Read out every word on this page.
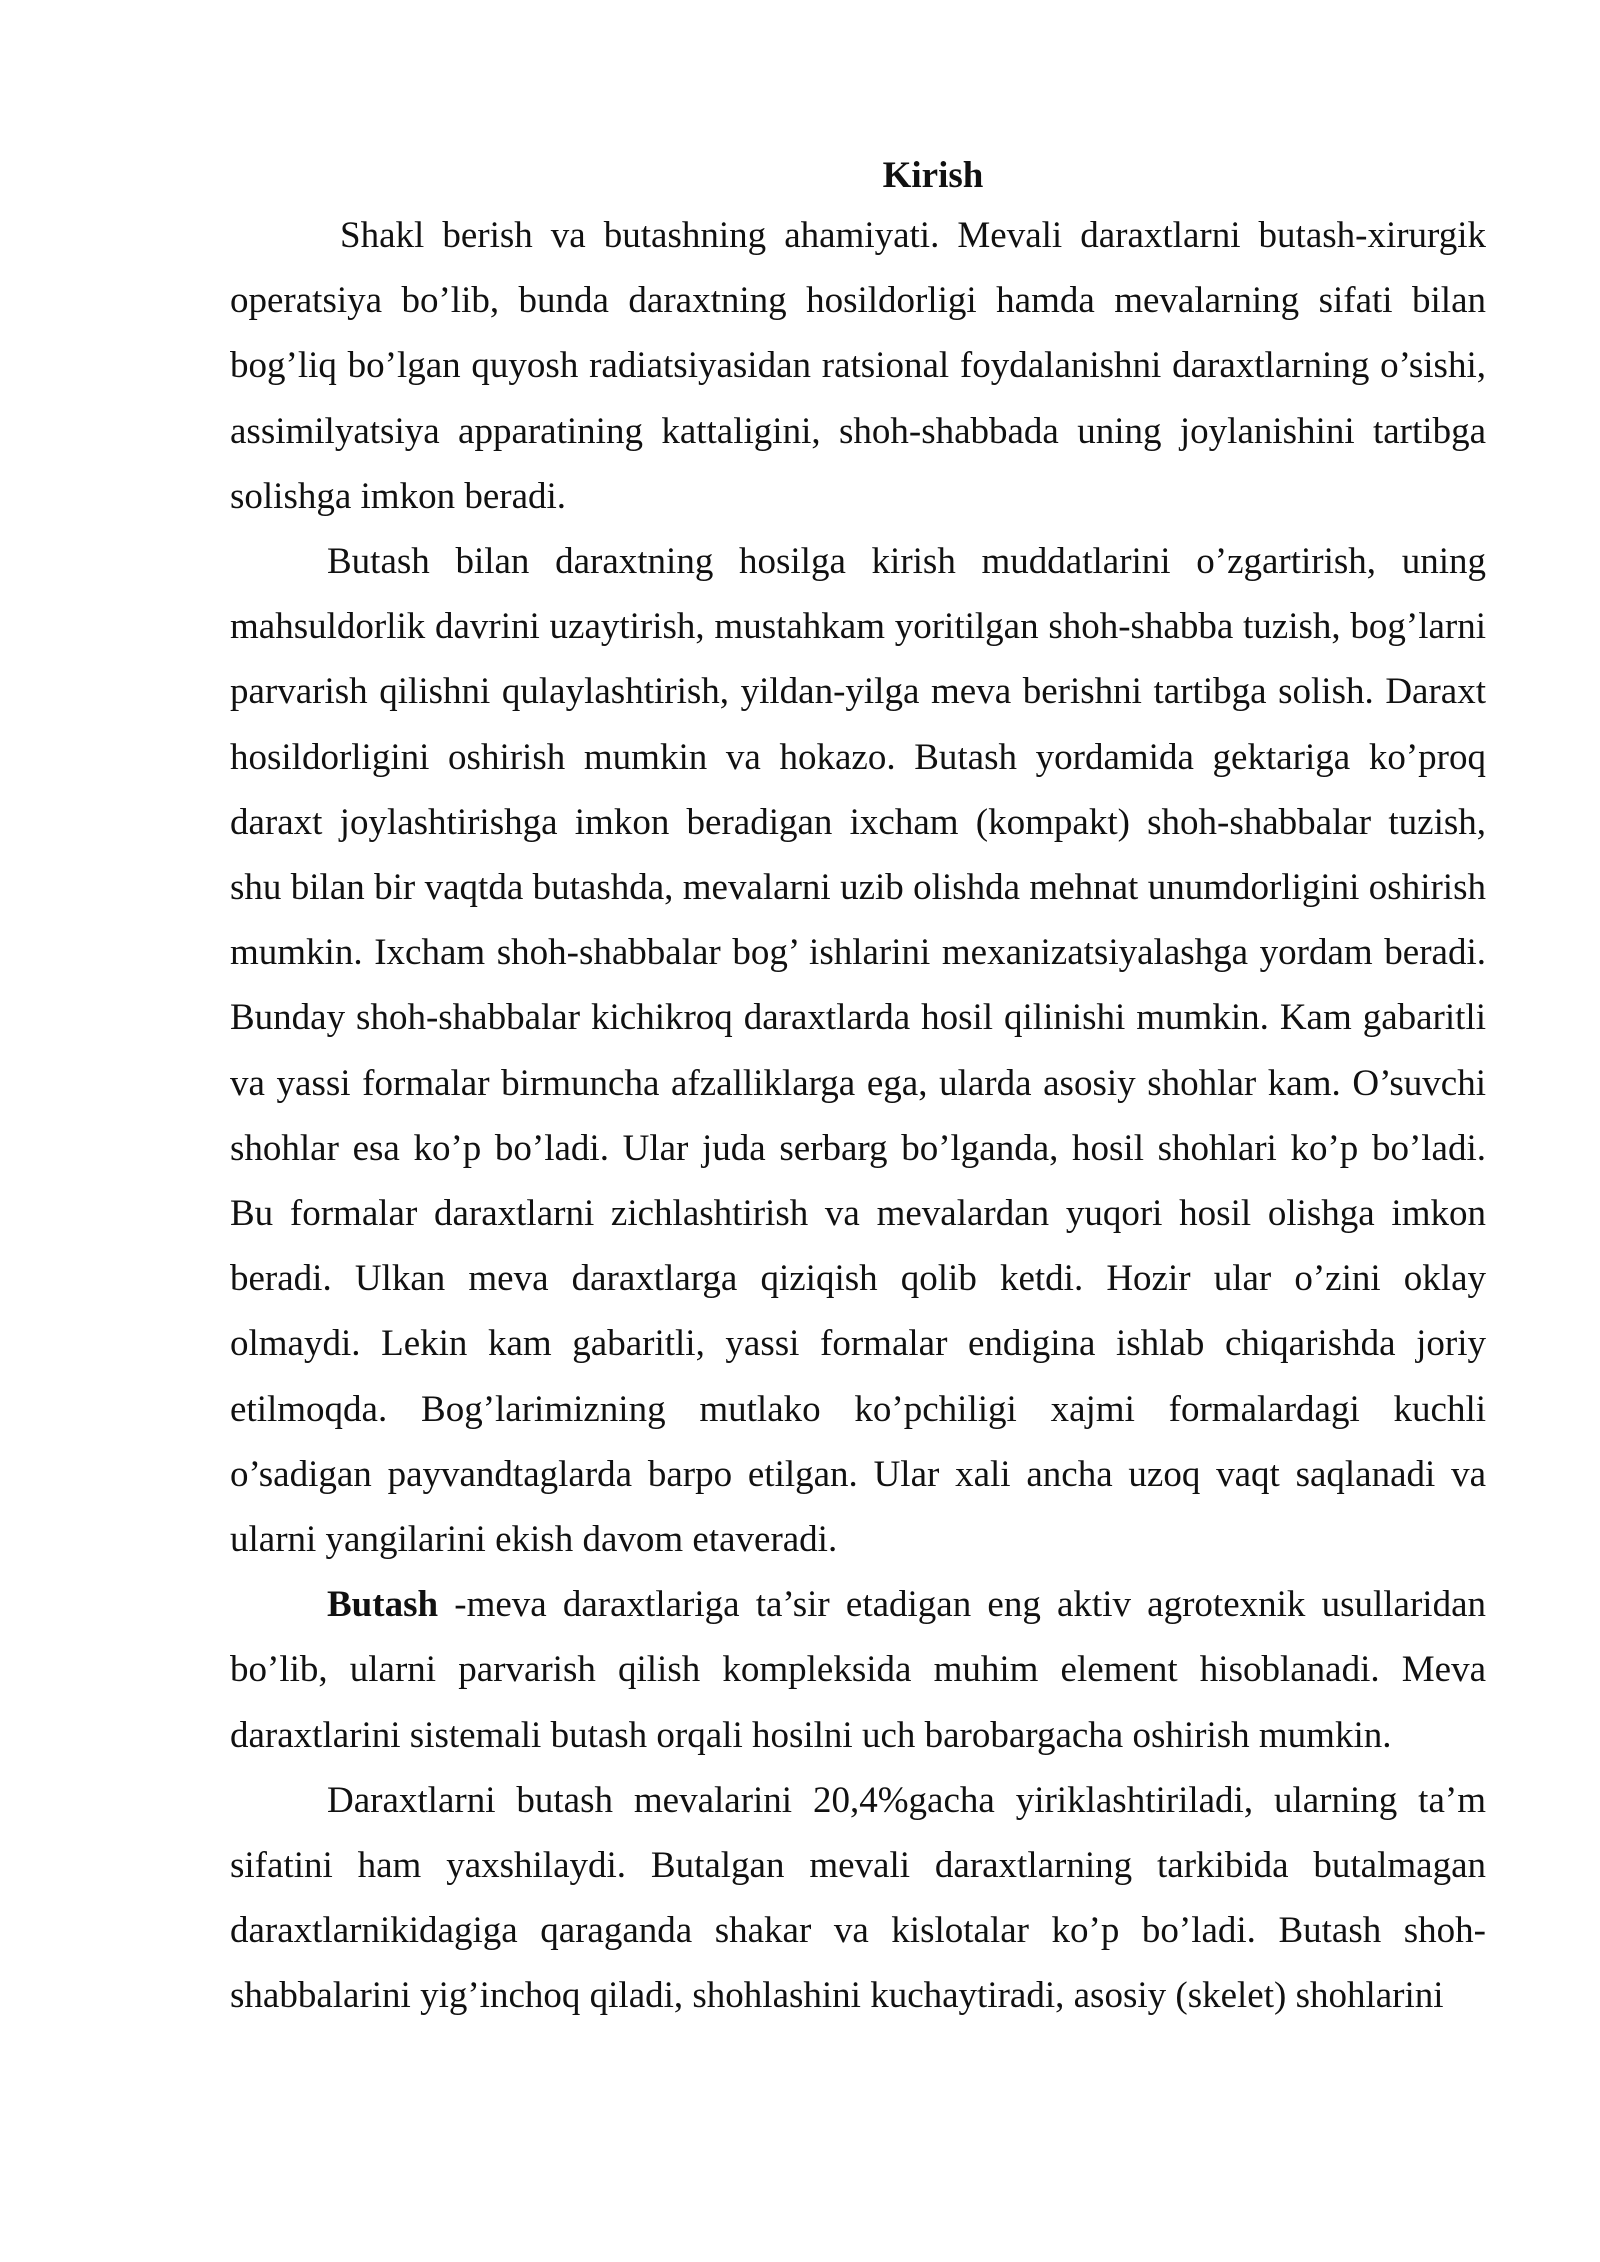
Kirish

Shakl berish va butashning ahamiyati. Mevali daraxtlarni butash-xirurgik operatsiya bo’lib, bunda daraxtning hosildorligi hamda mevalarning sifati bilan bog’liq bo’lgan quyosh radiatsiyasidan ratsional foydalanishni daraxtlarning o’sishi, assimilyatsiya apparatining kattaligini, shoh-shabbada uning joylanishini tartibga solishga imkon beradi.

Butash bilan daraxtning hosilga kirish muddatlarini o’zgartirish, uning mahsuldorlik davrini uzaytirish, mustahkam yoritilgan shoh-shabba tuzish, bog’larni parvarish qilishni qulaylashtirish, yildan-yilga meva berishni tartibga solish. Daraxt hosildorligini oshirish mumkin va hokazo. Butash yordamida gektariga ko’proq daraxt joylashtirishga imkon beradigan ixcham (kompakt) shoh-shabbalar tuzish, shu bilan bir vaqtda butashda, mevalarni uzib olishda mehnat unumdorligini oshirish mumkin. Ixcham shoh-shabbalar bog’ ishlarini mexanizatsiyalashga yordam beradi. Bunday shoh-shabbalar kichikroq daraxtlarda hosil qilinishi mumkin. Kam gabaritli va yassi formalar birmuncha afzalliklarga ega, ularda asosiy shohlar kam. O’suvchi shohlar esa ko’p bo’ladi. Ular juda serbarg bo’lganda, hosil shohlari ko’p bo’ladi. Bu formalar daraxtlarni zichlashtirish va mevalardan yuqori hosil olishga imkon beradi. Ulkan meva daraxtlarga qiziqish qolib ketdi. Hozir ular o’zini oklay olmaydi. Lekin kam gabaritli, yassi formalar endigina ishlab chiqarishda joriy etilmoqda. Bog’larimizning mutlako ko’pchiligi xajmi formalardagi kuchli o’sadigan payvandtaglarda barpo etilgan. Ular xali ancha uzoq vaqt saqlanadi va ularni yangilarini ekish davom etaveradi.

Butash -meva daraxtlariga ta’sir etadigan eng aktiv agrotexnik usullaridan bo’lib, ularni parvarish qilish kompleksida muhim element hisoblanadi. Meva daraxtlarini sistemali butash orqali hosilni uch barobargacha oshirish mumkin.

Daraxtlarni butash mevalarini 20,4%gacha yiriklashtiriladi, ularning ta’m sifatini ham yaxshilaydi. Butalgan mevali daraxtlarning tarkibida butalmagan daraxtlarnikidagiga qaraganda shakar va kislotalar ko’p bo’ladi. Butash shoh-shabbalarini yig’inchoq qiladi, shohlashini kuchaytiradi, asosiy (skelet) shohlarini
